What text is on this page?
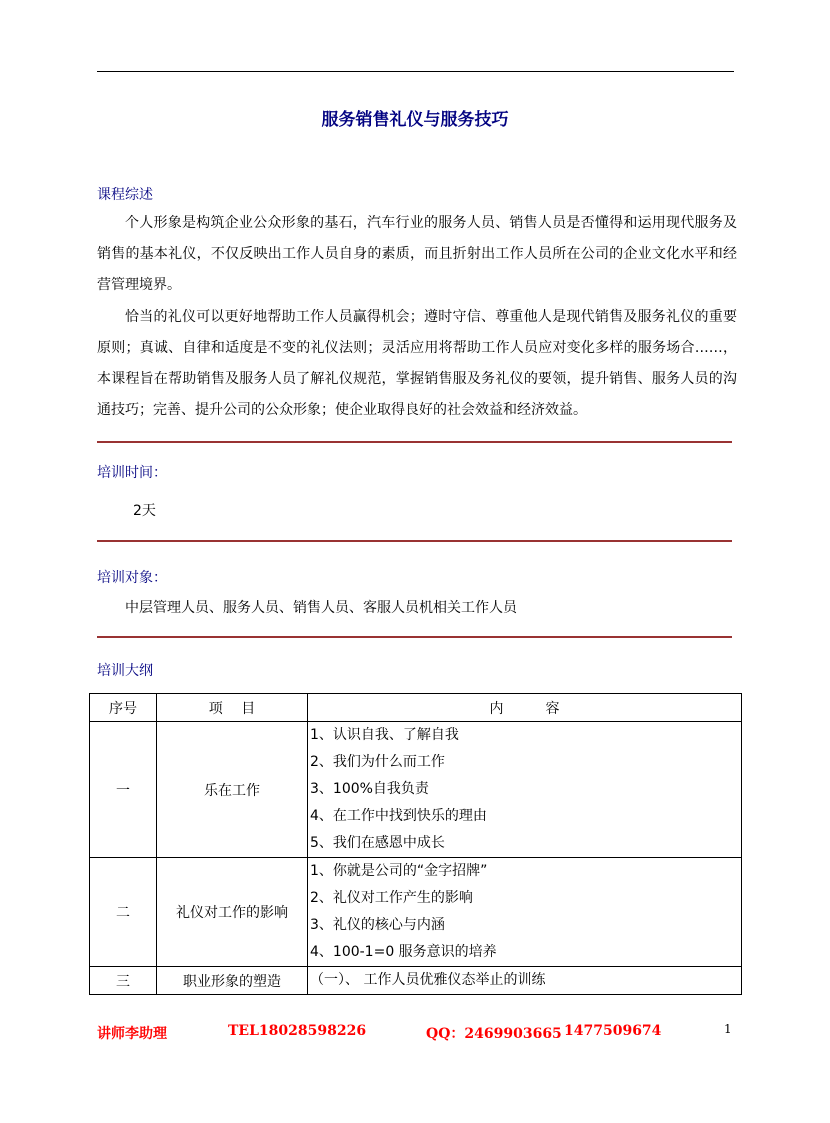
服务销售礼仪与服务技巧
课程综述

个人形象是构筑企业公众形象的基石，汽车行业的服务人员、销售人员是否懂得和运用现代服务及销售的基本礼仪，不仅反映出工作人员自身的素质，而且折射出工作人员所在公司的企业文化水平和经营管理境界。

恰当的礼仪可以更好地帮助工作人员赢得机会；遵时守信、尊重他人是现代销售及服务礼仪的重要原则；真诚、自律和适度是不变的礼仪法则；灵活应用将帮助工作人员应对变化多样的服务场合……，本课程旨在帮助销售及服务人员了解礼仪规范，掌握销售服及务礼仪的要领，提升销售、服务人员的沟通技巧；完善、提升公司的公众形象；使企业取得良好的社会效益和经济效益。

培训时间：
2天
培训对象：
中层管理人员、服务人员、销售人员、客服人员机相关工作人员
培训大纲
序号	项　 目	内　　　容
一	乐在工作	1、认识自我、了解自我
2、我们为什么而工作
3、100%自我负责
4、在工作中找到快乐的理由
5、我们在感恩中成长

二	礼仪对工作的影响	1、你就是公司的“金字招牌”
2、礼仪对工作产生的影响
3、礼仪的核心与内涵
4、100-1=0 服务意识的培养

三	职业形象的塑造	（一）、 工作人员优雅仪态举止的训练
讲师李助理	TEL18028598226	QQ：2469903665 1477509674	1
